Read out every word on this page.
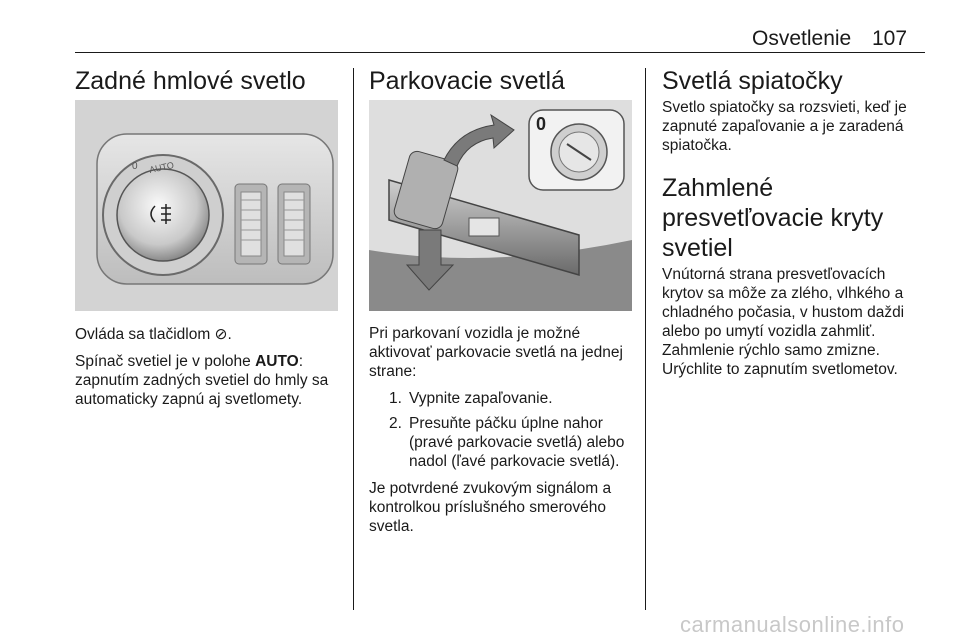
Osvetlenie 107
Zadné hmlové svetlo
AUTO
0

Ovláda sa tlačidlom ⊘.

Spínač svetiel je v polohe AUTO: zapnutím zadných svetiel do hmly sa automaticky zapnú aj svetlomety.

Parkovacie svetlá
0

Pri parkovaní vozidla je možné aktivovať parkovacie svetlá na jednej strane:

1. Vypnite zapaľovanie.
2. Presuňte páčku úplne nahor (pravé parkovacie svetlá) alebo nadol (ľavé parkovacie svetlá).

Je potvrdené zvukovým signálom a kontrolkou príslušného smerového svetla.

Svetlá spiatočky

Svetlo spiatočky sa rozsvieti, keď je zapnuté zapaľovanie a je zaradená spiatočka.

Zahmlené presvetľovacie kryty svetiel

Vnútorná strana presvetľovacích krytov sa môže za zlého, vlhkého a chladného počasia, v hustom daždi alebo po umytí vozidla zahmliť. Zahmlenie rýchlo samo zmizne. Urýchlite to zapnutím svetlometov.

carmanualsonline.info
